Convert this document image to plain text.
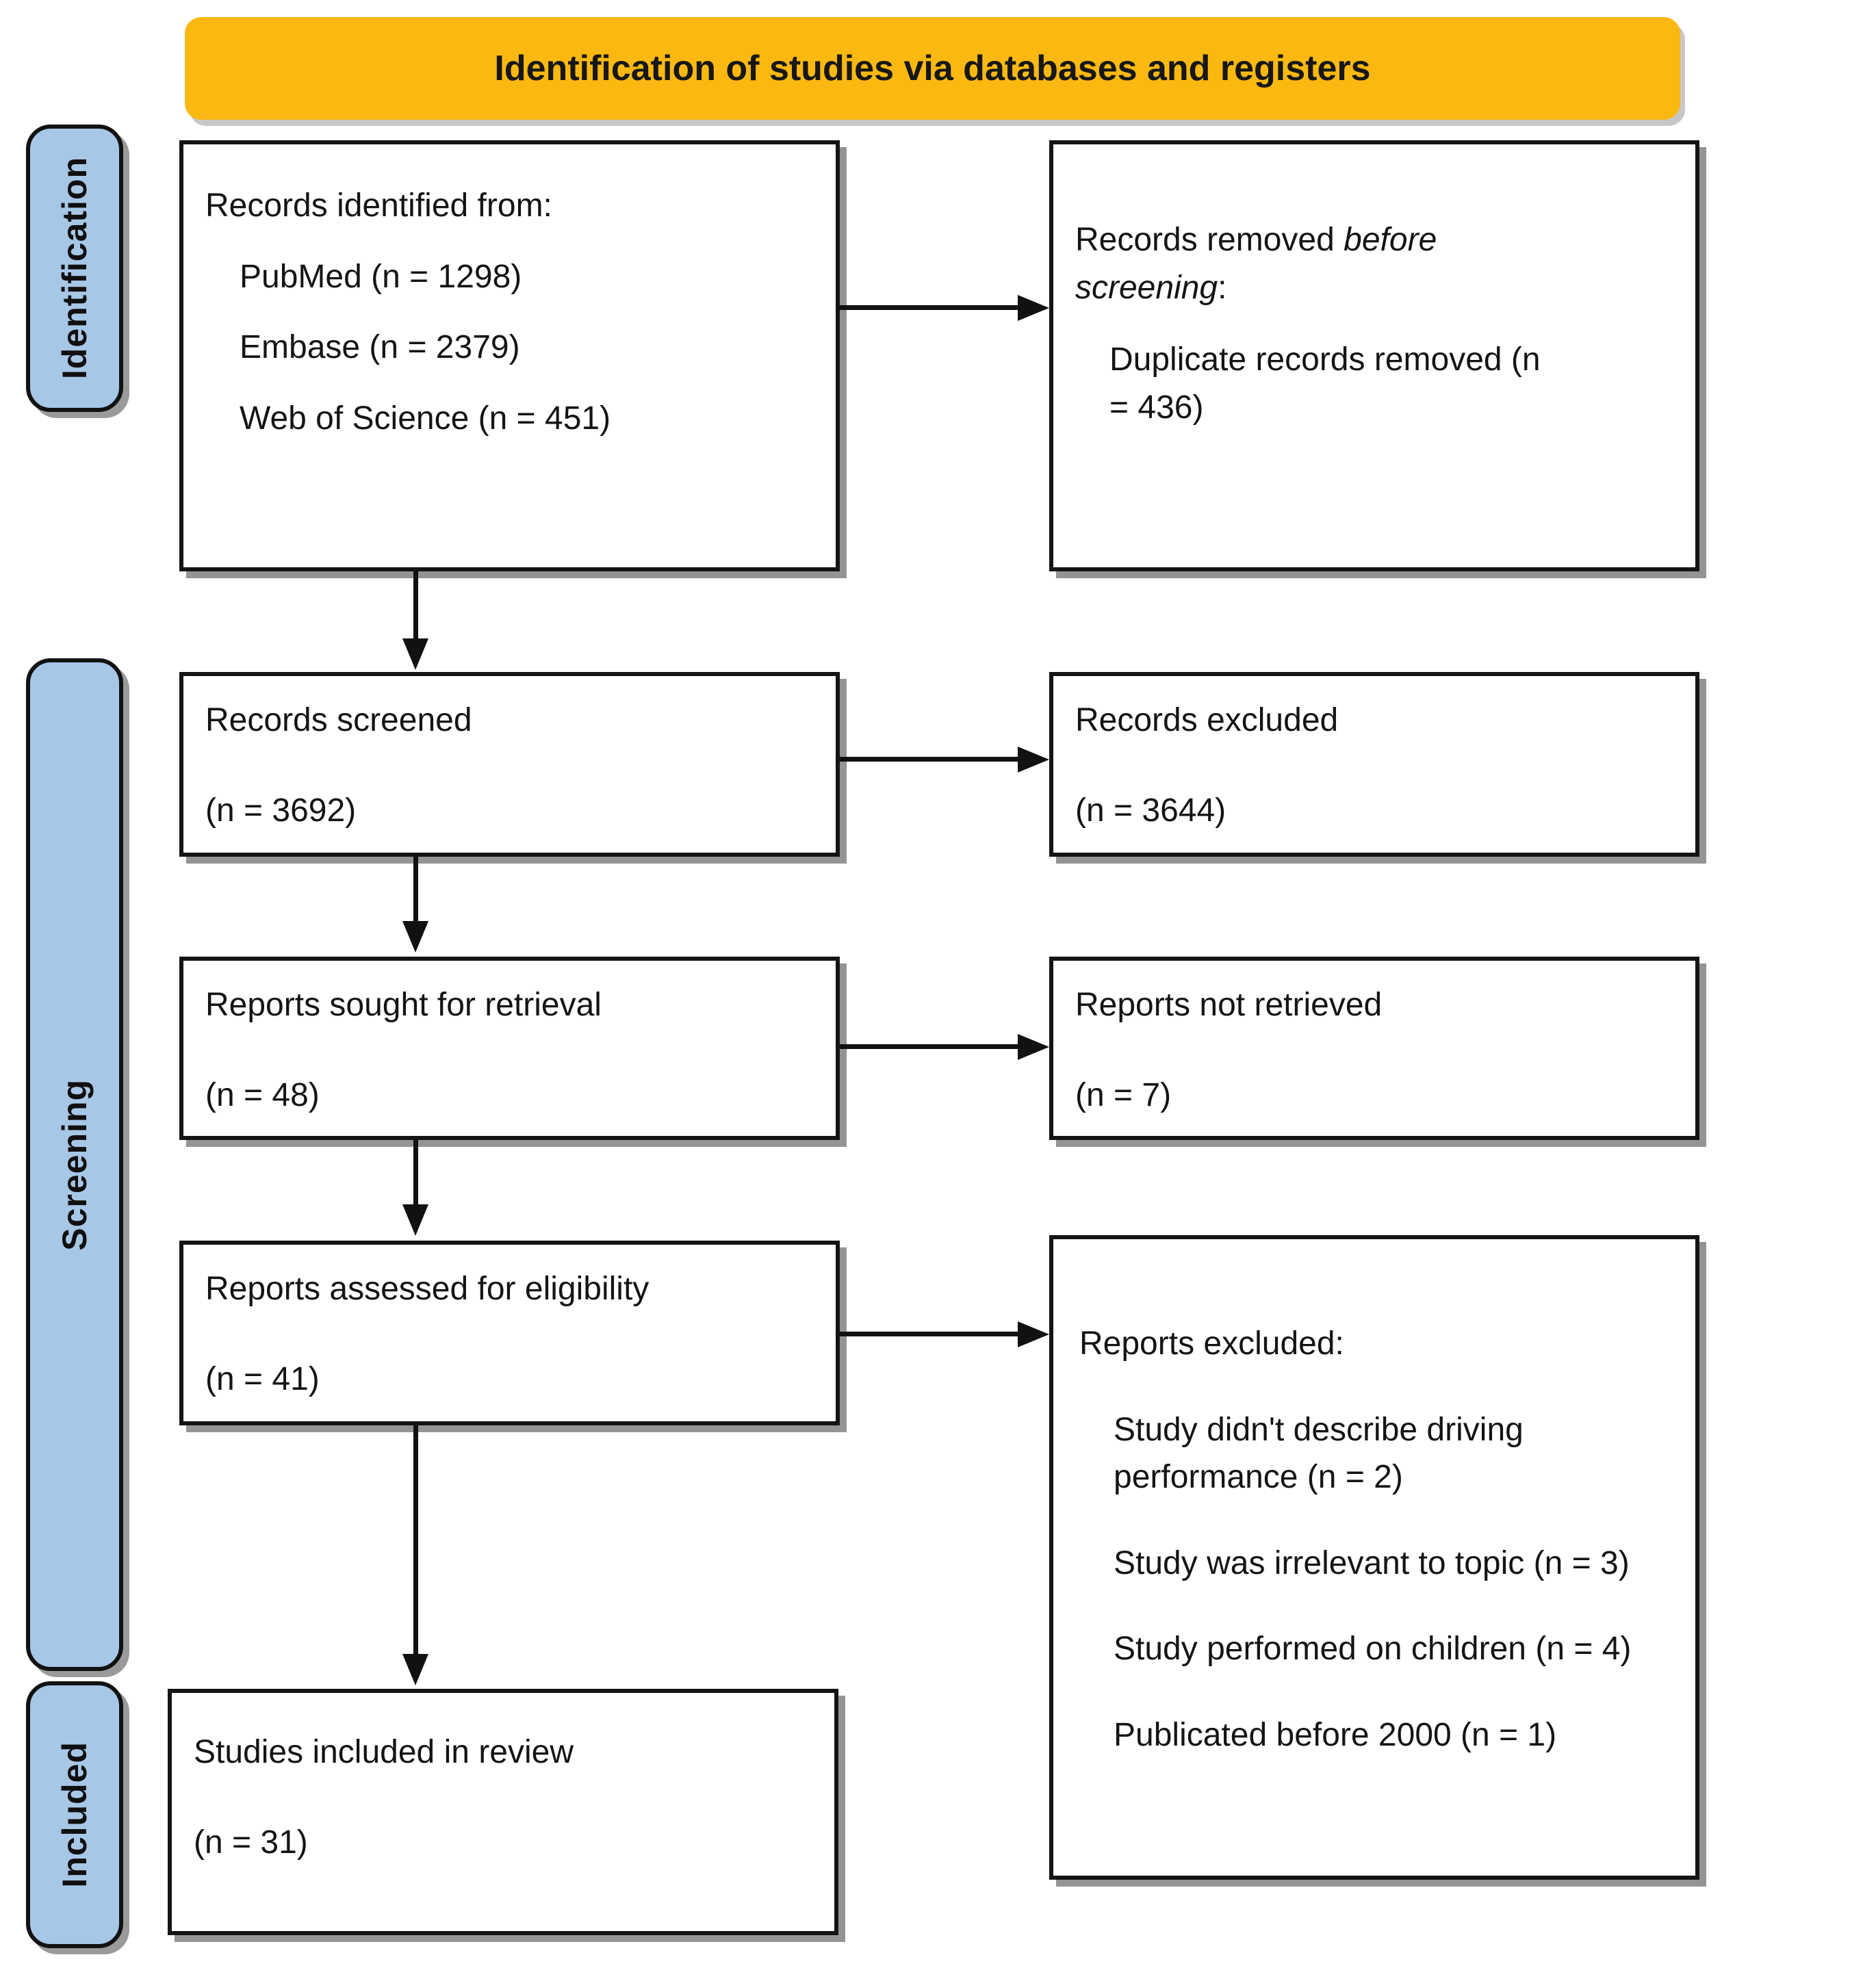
Identification of studies via databases and registers
Identification
Screening
Included
Records identified from:
PubMed (n = 1298)
Embase (n = 2379)
Web of Science (n = 451)
Records screened
(n = 3692)
Reports sought for retrieval
(n = 48)
Reports assessed for eligibility
(n = 41)
Studies included in review
(n = 31)
Records removed before screening:
Duplicate records removed (n = 436)
Records excluded
(n = 3644)
Reports not retrieved
(n = 7)
Reports excluded:
Study didn't describe driving performance (n = 2)
Study was irrelevant to topic (n = 3)
Study performed on children (n = 4)
Publicated before 2000 (n = 1)
